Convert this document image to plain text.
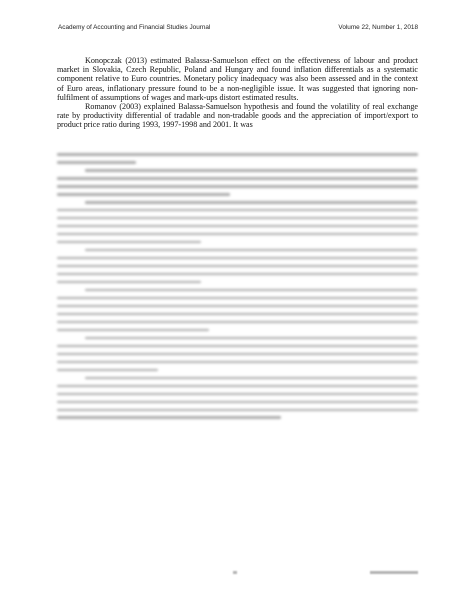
Academy of Accounting and Financial Studies Journal	Volume 22, Number 1, 2018

Konopczak (2013) estimated Balassa-Samuelson effect on the effectiveness of labour and product market in Slovakia, Czech Republic, Poland and Hungary and found inflation differentials as a systematic component relative to Euro countries. Monetary policy inadequacy was also been assessed and in the context of Euro areas, inflationary pressure found to be a non-negligible issue. It was suggested that ignoring non-fulfilment of assumptions of wages and mark-ups distort estimated results.

Romanov (2003) explained Balassa-Samuelson hypothesis and found the volatility of real exchange rate by productivity differential of tradable and non-tradable goods and the appreciation of import/export to product price ratio during 1993, 1997-1998 and 2001. It was
